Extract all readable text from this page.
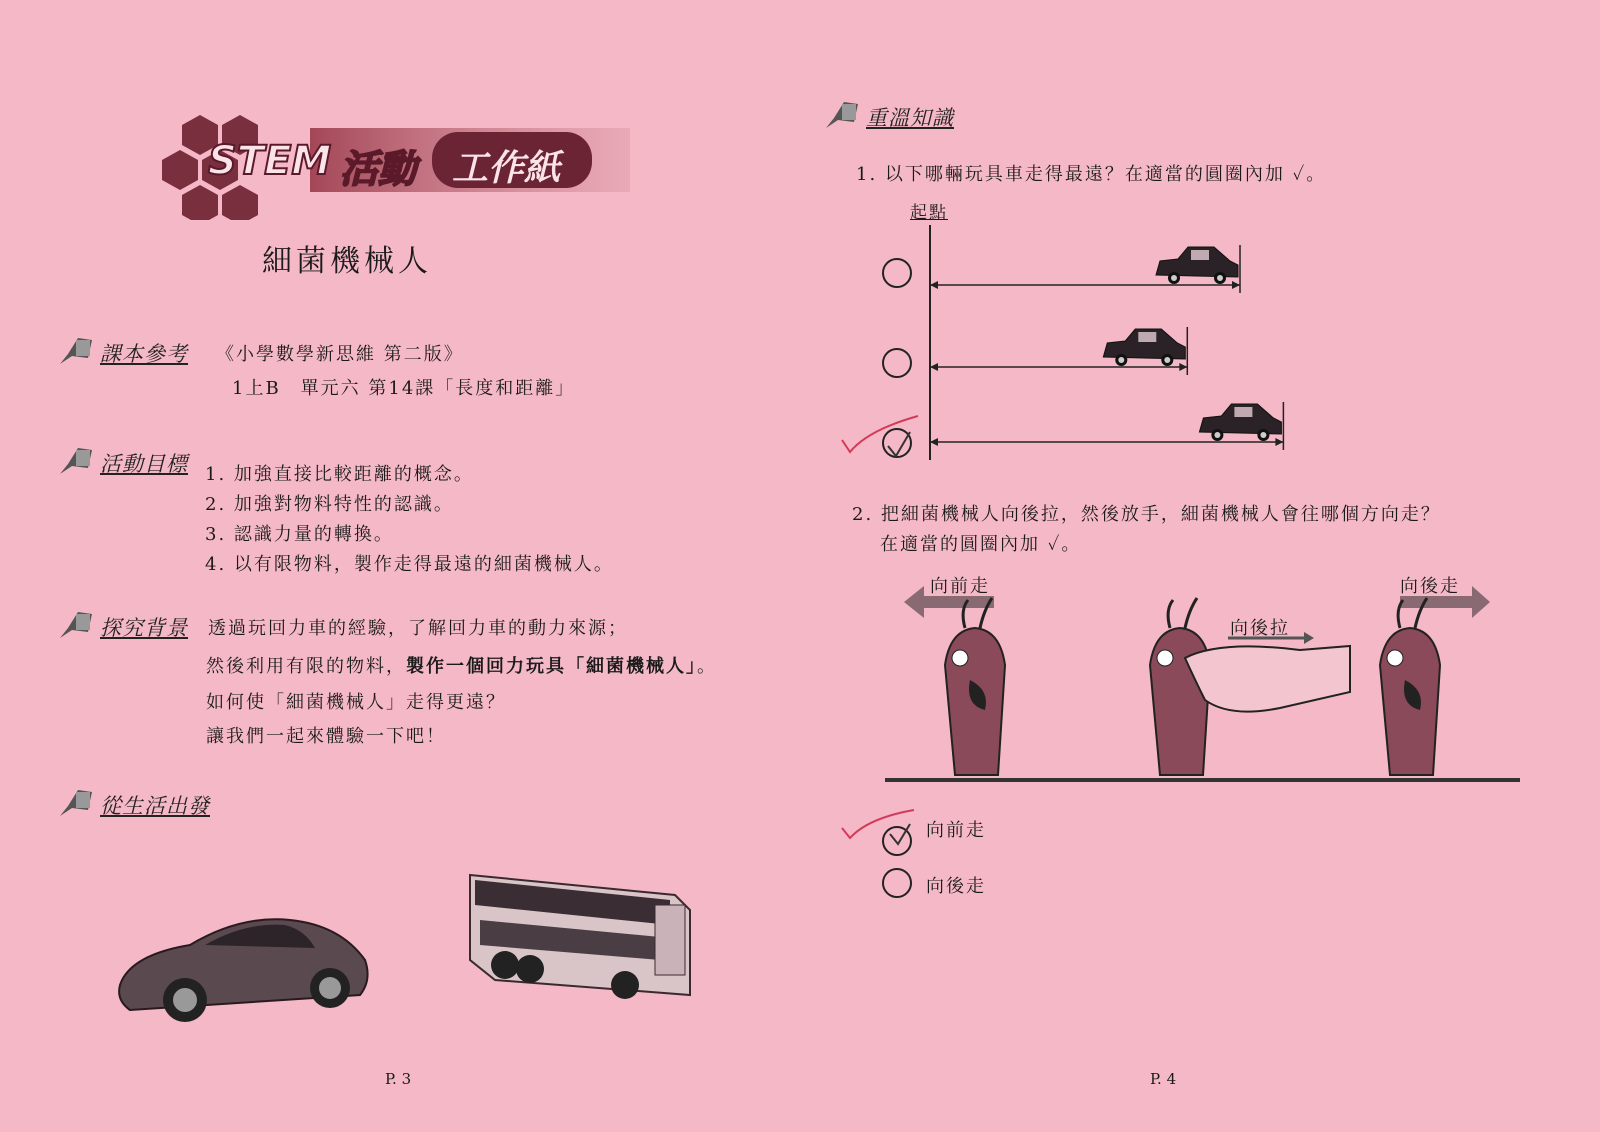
STEM 活動 工作紙
細菌機械人
課本參考 《小學數學新思維 第二版》
1上B　單元六 第14課「長度和距離」
活動目標 1. 加強直接比較距離的概念。
2. 加強對物料特性的認識。
3. 認識力量的轉換。
4. 以有限物料，製作走得最遠的細菌機械人。
探究背景 透過玩回力車的經驗，了解回力車的動力來源；
然後利用有限的物料，製作一個回力玩具「細菌機械人」。
如何使「細菌機械人」走得更遠？
讓我們一起來體驗一下吧！
從生活出發
P. 3
重溫知識
1. 以下哪輛玩具車走得最遠？在適當的圓圈內加 ✓。
起點
2. 把細菌機械人向後拉，然後放手，細菌機械人會往哪個方向走？
在適當的圓圈內加 ✓。
向前走
向後拉
向後走
向前走
向後走
P. 4
